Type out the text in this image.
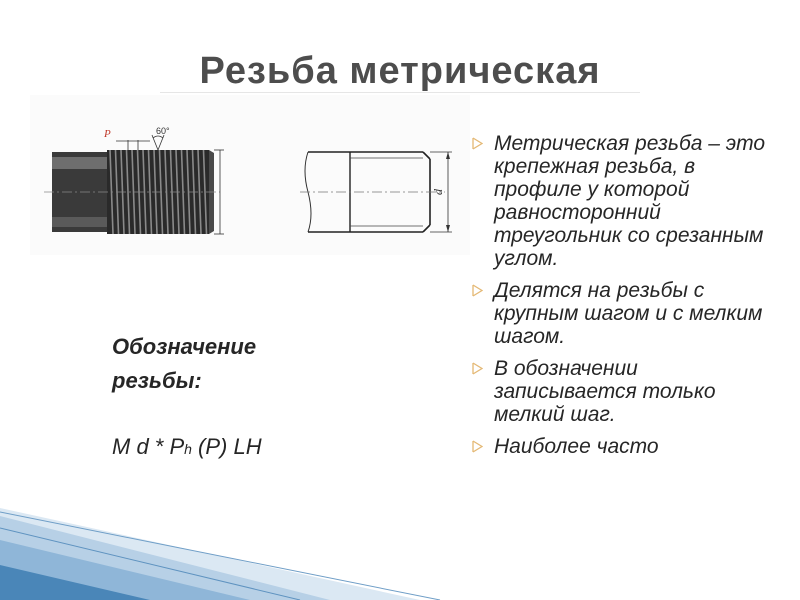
Резьба метрическая
P	60°
d
Обозначение
резьбы:
M d * Ph (P) LH
Метрическая резьба – это крепежная резьба, в профиле у которой равносторонний треугольник со срезанным углом.
Делятся на резьбы с крупным шагом и с мелким шагом.
В обозначении записывается только мелкий шаг.
Наиболее часто
